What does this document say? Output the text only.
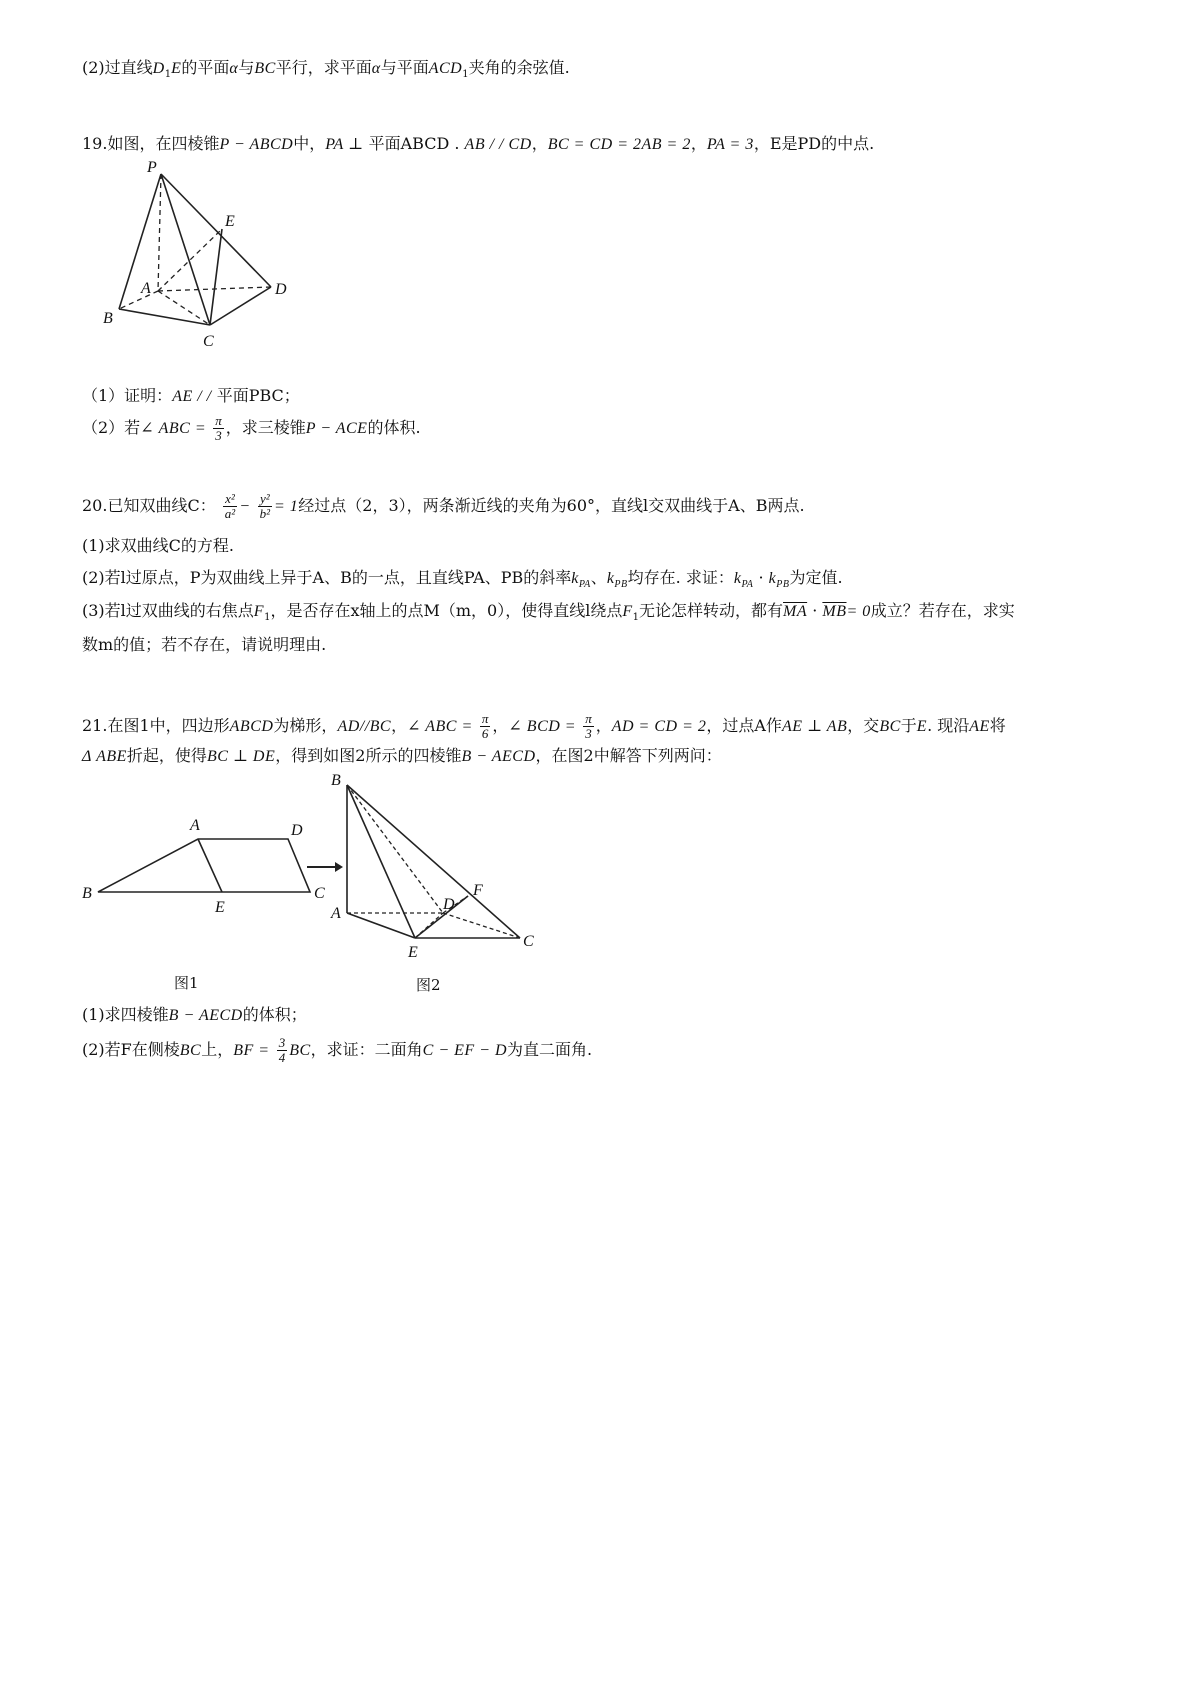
(2)过直线$D_1E$的平面α与BC平行，求平面α与平面$ACD_1$夹角的余弦值.
19.如图，在四棱锥P − ABCD中，PA ⊥ 平面ABCD . AB / / CD，BC = CD = 2AB = 2，PA = 3，E是PD的中点.
P
E
A	D
B
C
（1）证明：AE / / 平面PBC；
（2）若∠ ABC = $\frac{\pi}{3}$ ，求三棱锥P − ACE的体积.
20.已知双曲线C： $\frac{\text{x²}}{\text{a²}} - \frac{\text{y²}}{\text{b²}} = 1$经过点（2，3），两条渐近线的夹角为60°，直线l交双曲线于A、B两点.
(1)求双曲线C的方程.
(2)若l过原点，P为双曲线上异于A、B的一点，且直线PA、PB的斜率$k_{PA}$、$k_{PB}$均存在. 求证：$k_{PA} \cdot k_{PB}$为定值.
(3)若l过双曲线的右焦点$F_1$，是否存在x轴上的点M（m，0），使得直线l绕点$F_1$无论怎样转动，都有$\overline{MA} \cdot \overline{MB}= 0$成立？若存在，求实
数m的值；若不存在，请说明理由.
21.在图1中，四边形ABCD为梯形，AD//BC，∠ ABC = $\frac{\pi}{6}$ ，∠ BCD = $\frac{\pi}{3}$ ，AD = CD = 2，过点A作AE ⊥ AB，交BC于E. 现沿AE将
Δ ABE折起，使得BC ⊥ DE，得到如图2所示的四棱锥B − AECD，在图2中解答下列两问：
A	D
B
E
C
B
A
D
F
E
C
图1	图2
(1)求四棱锥B − AECD的体积；
(2)若F在侧棱BC上，BF = $\frac{3}{4}$ BC，求证：二面角C − EF − D为直二面角.
